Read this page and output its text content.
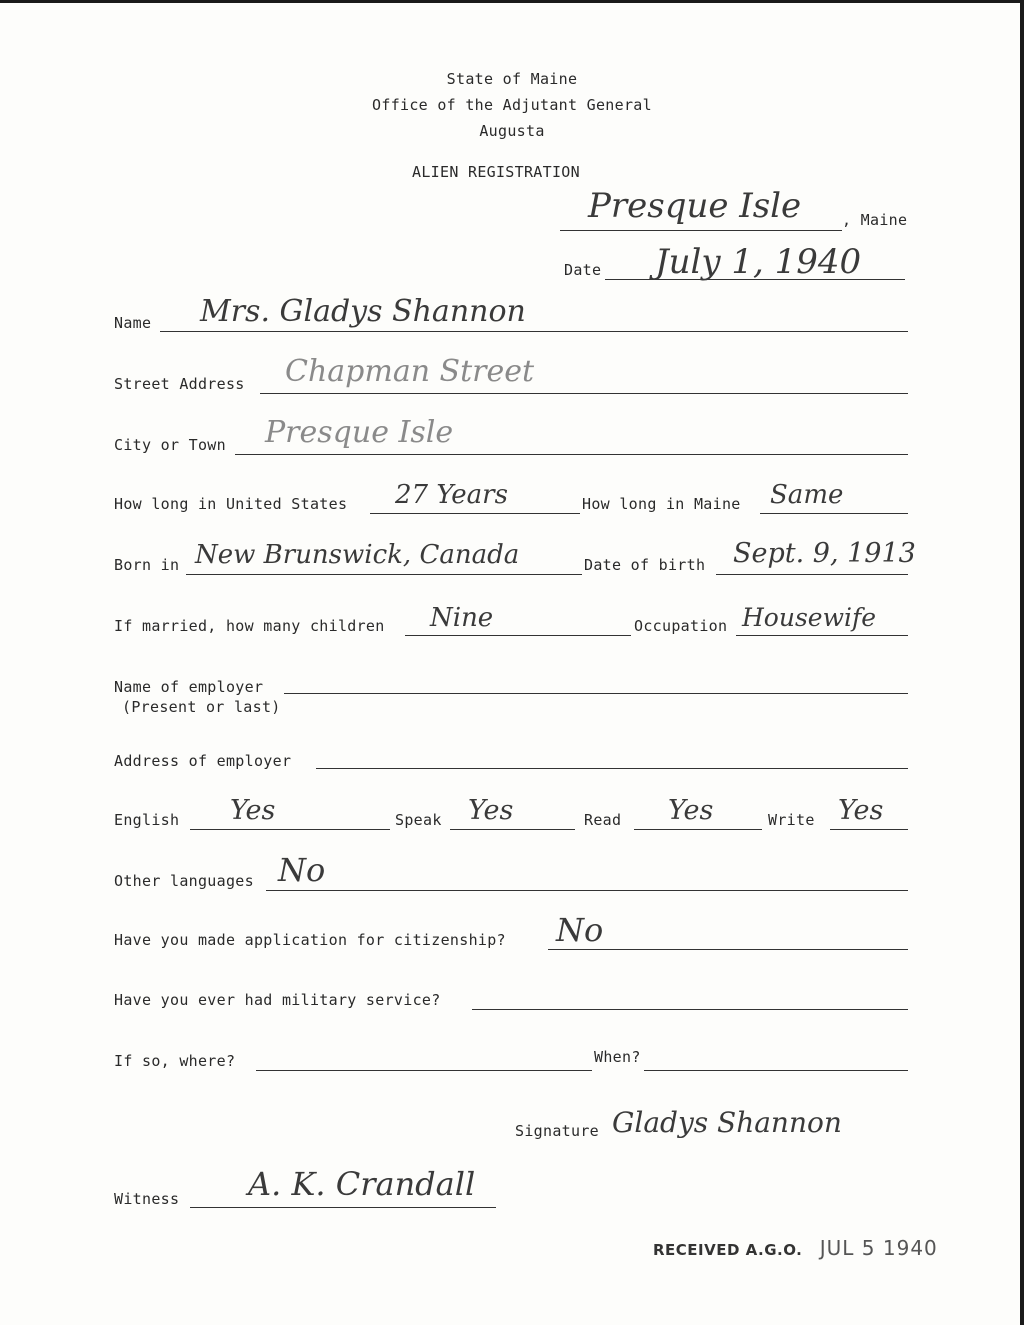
State of Maine
Office of the Adjutant General
Augusta
ALIEN REGISTRATION
Presque Isle	, Maine
Date July 1, 1940
Name Mrs. Gladys Shannon
Street Address Chapman Street
City or Town Presque Isle
How long in United States 27 Years	How long in Maine Same
Born in New Brunswick, Canada	Date of birth Sept. 9, 1913
If married, how many children Nine	Occupation Housewife
Name of employer
(Present or last)
Address of employer
English Yes	Speak Yes	Read Yes	Write Yes
Other languages No
Have you made application for citizenship? No
Have you ever had military service?
If so, where?	When?
Signature Gladys Shannon
Witness A. K. Crandall
RECEIVED A.G.O. JUL 5 1940
